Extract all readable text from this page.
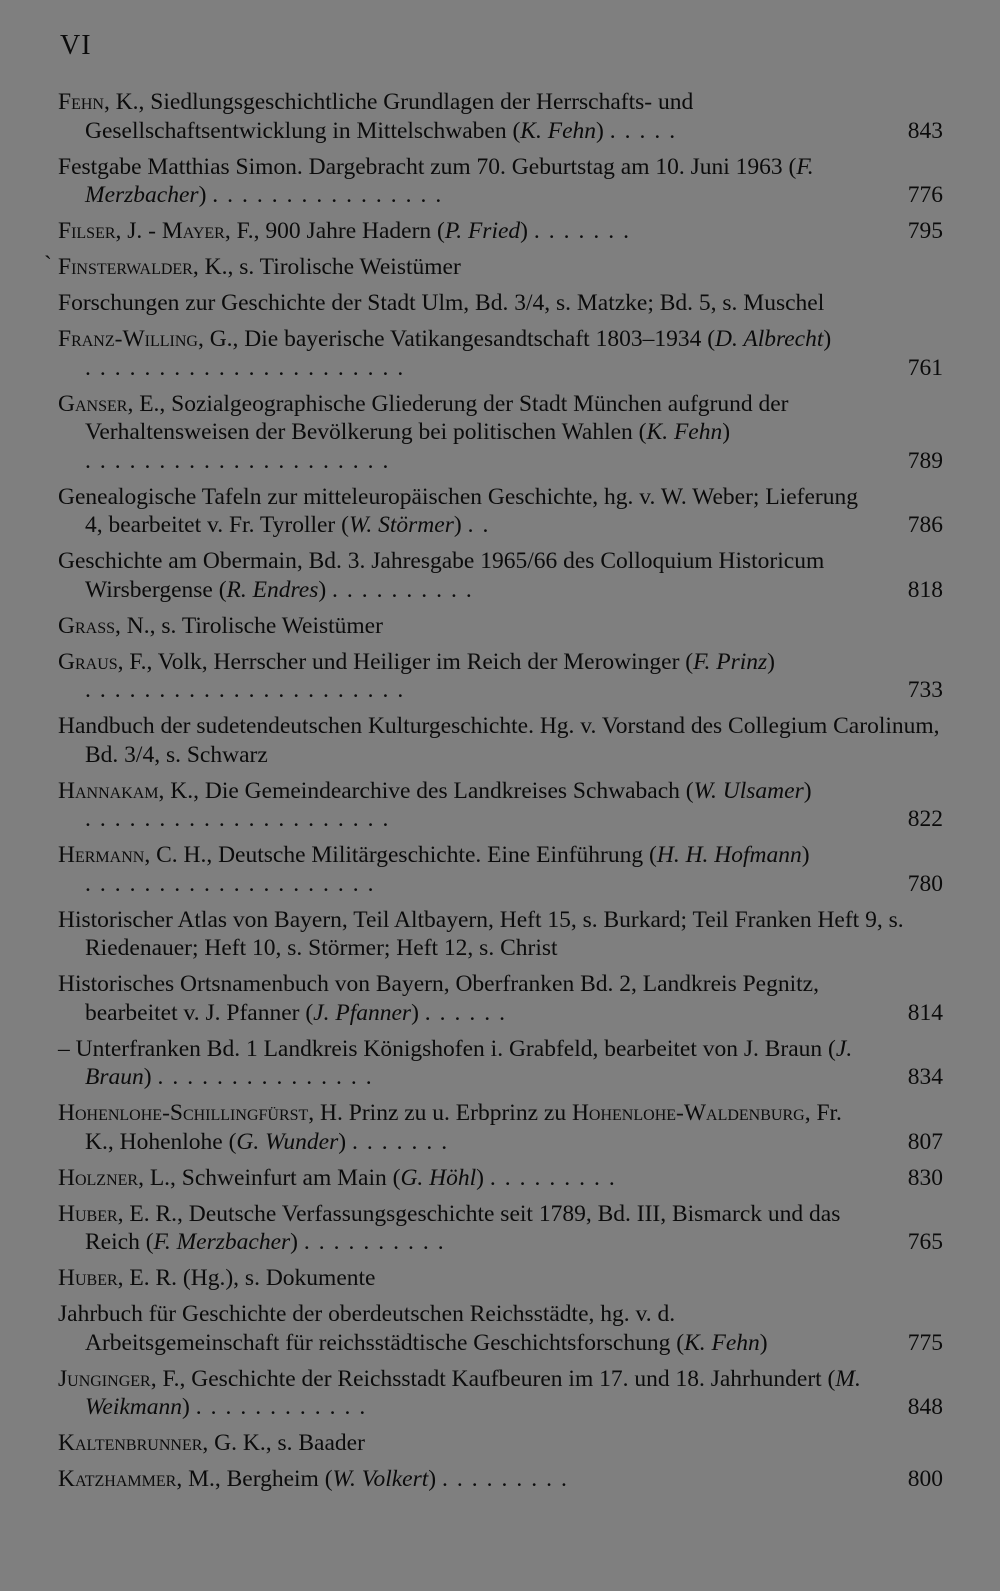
VI
Fehn, K., Siedlungsgeschichtliche Grundlagen der Herrschafts- und Gesellschaftsentwicklung in Mittelschwaben (K. Fehn) .....	843
Festgabe Matthias Simon. Dargebracht zum 70. Geburtstag am 10. Juni 1963 (F. Merzbacher) ................	776
Filser, J. - Mayer, F., 900 Jahre Hadern (P. Fried) .......	795
` Finsterwalder, K., s. Tirolische Weistümer
Forschungen zur Geschichte der Stadt Ulm, Bd. 3/4, s. Matzke; Bd. 5, s. Muschel
Franz-Willing, G., Die bayerische Vatikangesandtschaft 1803–1934 (D. Albrecht) ......................	761
Ganser, E., Sozialgeographische Gliederung der Stadt München aufgrund der Verhaltensweisen der Bevölkerung bei politischen Wahlen (K. Fehn) .....................	789
Genealogische Tafeln zur mitteleuropäischen Geschichte, hg. v. W. Weber; Lieferung 4, bearbeitet v. Fr. Tyroller (W. Störmer) ..	786
Geschichte am Obermain, Bd. 3. Jahresgabe 1965/66 des Colloquium Historicum Wirsbergense (R. Endres) ..........	818
Grass, N., s. Tirolische Weistümer
Graus, F., Volk, Herrscher und Heiliger im Reich der Merowinger (F. Prinz) ......................	733
Handbuch der sudetendeutschen Kulturgeschichte. Hg. v. Vorstand des Collegium Carolinum, Bd. 3/4, s. Schwarz
Hannakam, K., Die Gemeindearchive des Landkreises Schwabach (W. Ulsamer) .....................	822
Hermann, C. H., Deutsche Militärgeschichte. Eine Einführung (H. H. Hofmann) ....................	780
Historischer Atlas von Bayern, Teil Altbayern, Heft 15, s. Burkard; Teil Franken Heft 9, s. Riedenauer; Heft 10, s. Störmer; Heft 12, s. Christ
Historisches Ortsnamenbuch von Bayern, Oberfranken Bd. 2, Landkreis Pegnitz, bearbeitet v. J. Pfanner (J. Pfanner) ......	814
– Unterfranken Bd. 1 Landkreis Königshofen i. Grabfeld, bearbeitet von J. Braun (J. Braun) ...............	834
Hohenlohe-Schillingfürst, H. Prinz zu u. Erbprinz zu Hohenlohe-Waldenburg, Fr. K., Hohenlohe (G. Wunder) .......	807
Holzner, L., Schweinfurt am Main (G. Höhl) .........	830
Huber, E. R., Deutsche Verfassungsgeschichte seit 1789, Bd. III, Bismarck und das Reich (F. Merzbacher) ..........	765
Huber, E. R. (Hg.), s. Dokumente
Jahrbuch für Geschichte der oberdeutschen Reichsstädte, hg. v. d. Arbeitsgemeinschaft für reichsstädtische Geschichtsforschung (K. Fehn)	775
Junginger, F., Geschichte der Reichsstadt Kaufbeuren im 17. und 18. Jahrhundert (M. Weikmann) ............	848
Kaltenbrunner, G. K., s. Baader
Katzhammer, M., Bergheim (W. Volkert) .........	800
